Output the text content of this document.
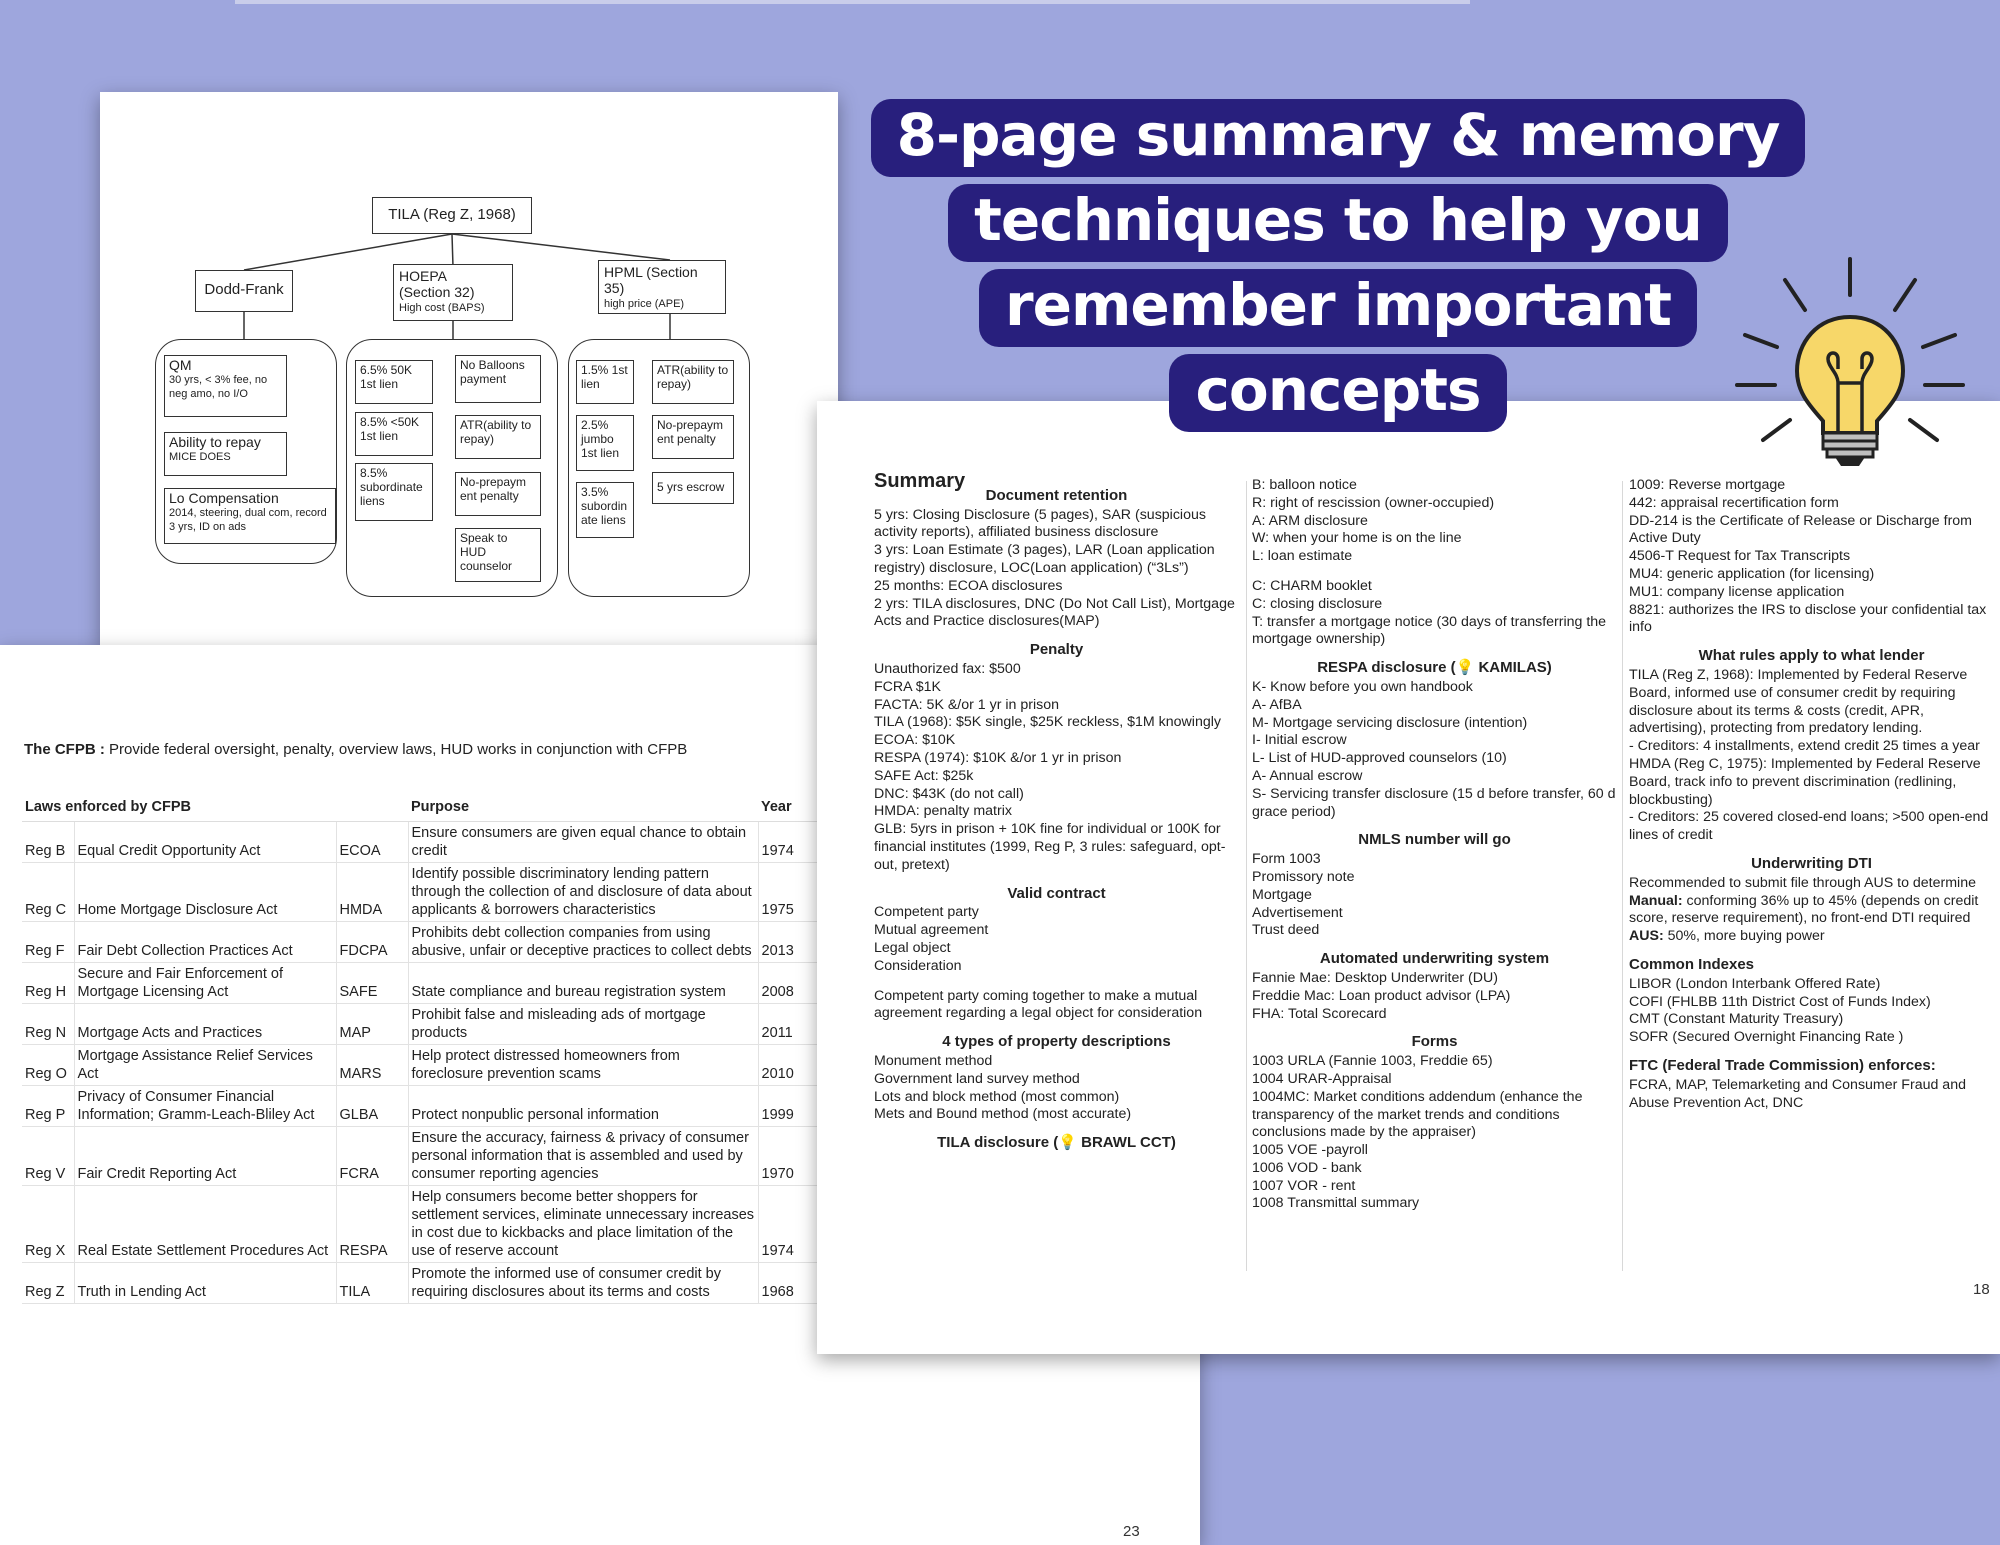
TILA (Reg Z, 1968)
Dodd-Frank
HOEPA
(Section 32)
High cost (BAPS)
HPML (Section
35)
high price (APE)
QM
30 yrs, < 3% fee, no neg amo, no I/O
Ability to repay
MICE DOES
Lo Compensation
2014, steering, dual com, record 3 yrs, ID on ads
6.5% 50K 1st lien
8.5% <50K 1st lien
8.5% subordinate liens
No Balloons payment
ATR(ability to repay)
No-prepaym ent penalty
Speak to HUD counselor
1.5% 1st lien
2.5% jumbo 1st lien
3.5% subordin ate liens
ATR(ability to repay)
No-prepaym ent penalty
5 yrs escrow
The CFPB : Provide federal oversight, penalty, overview laws, HUD works in conjunction with CFPB
Laws enforced by CFPB			Purpose	Year	
Reg B	Equal Credit Opportunity Act	ECOA	Ensure consumers are given equal chance to obtain credit	1974	
Reg C	Home Mortgage Disclosure Act	HMDA	Identify possible discriminatory lending pattern through the collection of and disclosure of data about applicants & borrowers characteristics	1975	
Reg F	Fair Debt Collection Practices Act	FDCPA	Prohibits debt collection companies from using abusive, unfair or deceptive practices to collect debts	2013	
Reg H	Secure and Fair Enforcement of Mortgage Licensing Act	SAFE	State compliance and bureau registration system	2008	
Reg N	Mortgage Acts and Practices	MAP	Prohibit false and misleading ads of mortgage products	2011	
Reg O	Mortgage Assistance Relief Services Act	MARS	Help protect distressed homeowners from foreclosure prevention scams	2010	
Reg P	Privacy of Consumer Financial Information; Gramm-Leach-Bliley Act	GLBA	Protect nonpublic personal information	1999	
Reg V	Fair Credit Reporting Act	FCRA	Ensure the accuracy, fairness & privacy of consumer personal information that is assembled and used by consumer reporting agencies	1970	
Reg X	Real Estate Settlement Procedures Act	RESPA	Help consumers become better shoppers for settlement services, eliminate unnecessary increases in cost due to kickbacks and place limitation of the use of reserve account	1974	
Reg Z	Truth in Lending Act	TILA	Promote the informed use of consumer credit by requiring disclosures about its terms and costs	1968	
23

Summary

Document retention

5 yrs: Closing Disclosure (5 pages), SAR (suspicious activity reports), affiliated business disclosure

3 yrs: Loan Estimate (3 pages), LAR (Loan application registry) disclosure, LOC(Loan application) (“3Ls”)

25 months: ECOA disclosures

2 yrs: TILA disclosures, DNC (Do Not Call List), Mortgage Acts and Practice disclosures(MAP)

Penalty

Unauthorized fax: $500

FCRA $1K

FACTA: 5K &/or 1 yr in prison

TILA (1968): $5K single, $25K reckless, $1M knowingly

ECOA: $10K

RESPA (1974): $10K &/or 1 yr in prison

SAFE Act: $25k

DNC: $43K (do not call)

HMDA: penalty matrix

GLB: 5yrs in prison + 10K fine for individual or 100K for financial institutes (1999, Reg P, 3 rules: safeguard, opt-out, pretext)

Valid contract

Competent party

Mutual agreement

Legal object

Consideration

Competent party coming together to make a mutual agreement regarding a legal object for consideration

4 types of property descriptions

Monument method

Government land survey method

Lots and block method (most common)

Mets and Bound method (most accurate)

TILA disclosure (💡 BRAWL CCT)

B: balloon notice

R: right of rescission (owner-occupied)

A: ARM disclosure

W: when your home is on the line

L: loan estimate

C: CHARM booklet

C: closing disclosure

T: transfer a mortgage notice (30 days of transferring the mortgage ownership)

RESPA disclosure (💡 KAMILAS)

K- Know before you own handbook

A- AfBA

M- Mortgage servicing disclosure (intention)

I- Initial escrow

L- List of HUD-approved counselors (10)

A- Annual escrow

S- Servicing transfer disclosure (15 d before transfer, 60 d grace period)

NMLS number will go

Form 1003

Promissory note

Mortgage

Advertisement

Trust deed

Automated underwriting system

Fannie Mae: Desktop Underwriter (DU)

Freddie Mac: Loan product advisor (LPA)

FHA: Total Scorecard

Forms

1003 URLA (Fannie 1003, Freddie 65)

1004 URAR-Appraisal

1004MC: Market conditions addendum (enhance the transparency of the market trends and conditions conclusions made by the appraiser)

1005 VOE -payroll

1006 VOD - bank

1007 VOR - rent

1008 Transmittal summary

1009: Reverse mortgage

442: appraisal recertification form

DD-214 is the Certificate of Release or Discharge from Active Duty

4506-T Request for Tax Transcripts

MU4: generic application (for licensing)

MU1: company license application

8821: authorizes the IRS to disclose your confidential tax info

What rules apply to what lender

TILA (Reg Z, 1968): Implemented by Federal Reserve Board, informed use of consumer credit by requiring disclosure about its terms & costs (credit, APR, advertising), protecting from predatory lending.

- Creditors: 4 installments, extend credit 25 times a year

HMDA (Reg C, 1975): Implemented by Federal Reserve Board, track info to prevent discrimination (redlining, blockbusting)

- Creditors: 25 covered closed-end loans; >500 open-end lines of credit

Underwriting DTI

Recommended to submit file through AUS to determine

Manual: conforming 36% up to 45% (depends on credit score, reserve requirement), no front-end DTI required

AUS: 50%, more buying power

Common Indexes

LIBOR (London Interbank Offered Rate)

COFI (FHLBB 11th District Cost of Funds Index)

CMT (Constant Maturity Treasury)

SOFR (Secured Overnight Financing Rate )

FTC (Federal Trade Commission) enforces:

FCRA, MAP, Telemarketing and Consumer Fraud and Abuse Prevention Act, DNC

18
8-page summary & memory
techniques to help you
remember important
concepts
